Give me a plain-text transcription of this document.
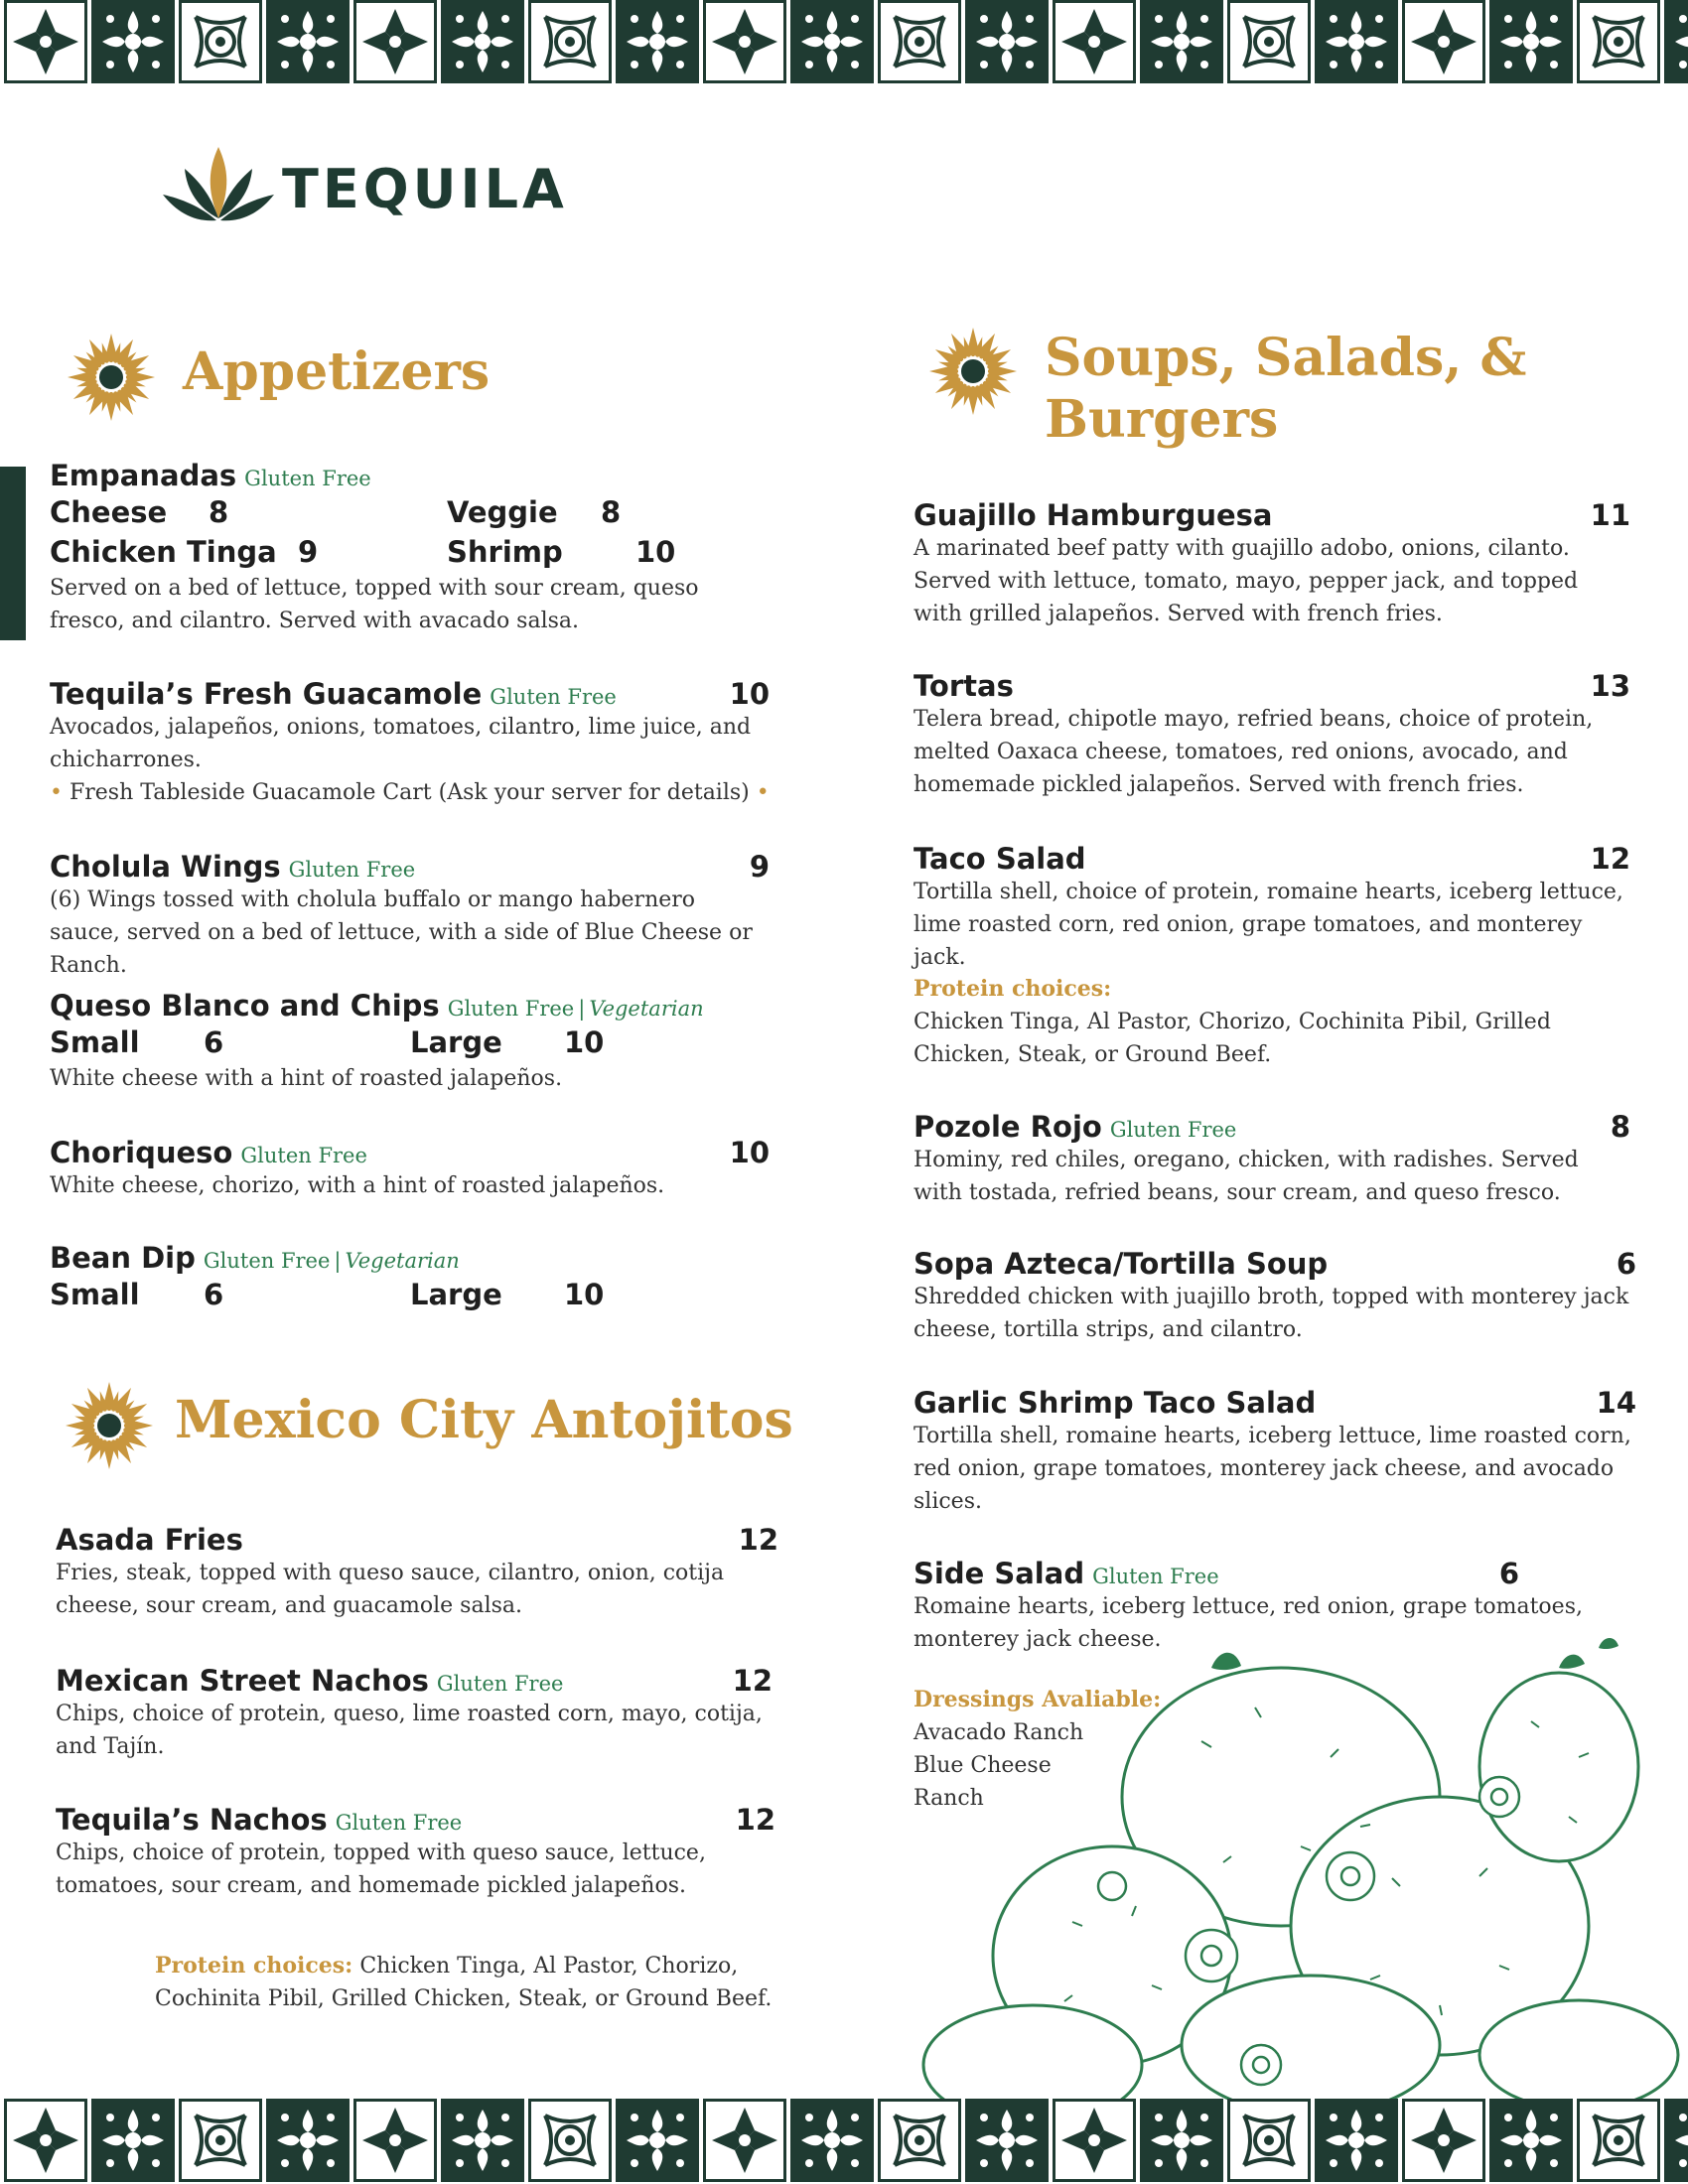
TEQUILA
Appetizers
Empanadas Gluten Free
Cheese	8	Veggie	8
Chicken Tinga 9	Shrimp	10
Served on a bed of lettuce, topped with sour cream, queso fresco, and cilantro. Served with avacado salsa.
Tequila’s Fresh Guacamole Gluten Free	10
Avocados, jalapeños, onions, tomatoes, cilantro, lime juice, and chicharrones.
• Fresh Tableside Guacamole Cart (Ask your server for details) •
Cholula Wings Gluten Free	9
(6) Wings tossed with cholula buffalo or mango habernero sauce, served on a bed of lettuce, with a side of Blue Cheese or Ranch.
Queso Blanco and Chips Gluten Free | Vegetarian
Small	6	Large	10
White cheese with a hint of roasted jalapeños.
Choriqueso Gluten Free	10
White cheese, chorizo, with a hint of roasted jalapeños.
Bean Dip Gluten Free | Vegetarian
Small	6	Large	10
Mexico City Antojitos
Asada Fries	12
Fries, steak, topped with queso sauce, cilantro, onion, cotija cheese, sour cream, and guacamole salsa.
Mexican Street Nachos Gluten Free	12
Chips, choice of protein, queso, lime roasted corn, mayo, cotija, and Tajín.
Tequila’s Nachos Gluten Free	12
Chips, choice of protein, topped with queso sauce, lettuce, tomatoes, sour cream, and homemade pickled jalapeños.
Protein choices: Chicken Tinga, Al Pastor, Chorizo, Cochinita Pibil, Grilled Chicken, Steak, or Ground Beef.
Soups, Salads, &
Burgers
Guajillo Hamburguesa	11
A marinated beef patty with guajillo adobo, onions, cilanto. Served with lettuce, tomato, mayo, pepper jack, and topped with grilled jalapeños. Served with french fries.
Tortas	13
Telera bread, chipotle mayo, refried beans, choice of protein, melted Oaxaca cheese, tomatoes, red onions, avocado, and homemade pickled jalapeños. Served with french fries.
Taco Salad	12
Tortilla shell, choice of protein, romaine hearts, iceberg lettuce, lime roasted corn, red onion, grape tomatoes, and monterey jack.
Protein choices:
Chicken Tinga, Al Pastor, Chorizo, Cochinita Pibil, Grilled Chicken, Steak, or Ground Beef.
Pozole Rojo Gluten Free	8
Hominy, red chiles, oregano, chicken, with radishes. Served with tostada, refried beans, sour cream, and queso fresco.
Sopa Azteca/Tortilla Soup	6
Shredded chicken with juajillo broth, topped with monterey jack cheese, tortilla strips, and cilantro.
Garlic Shrimp Taco Salad	14
Tortilla shell, romaine hearts, iceberg lettuce, lime roasted corn, red onion, grape tomatoes, monterey jack cheese, and avocado slices.
Side Salad Gluten Free	6
Romaine hearts, iceberg lettuce, red onion, grape tomatoes, monterey jack cheese.
Dressings Avaliable:
Avacado Ranch
Blue Cheese
Ranch
